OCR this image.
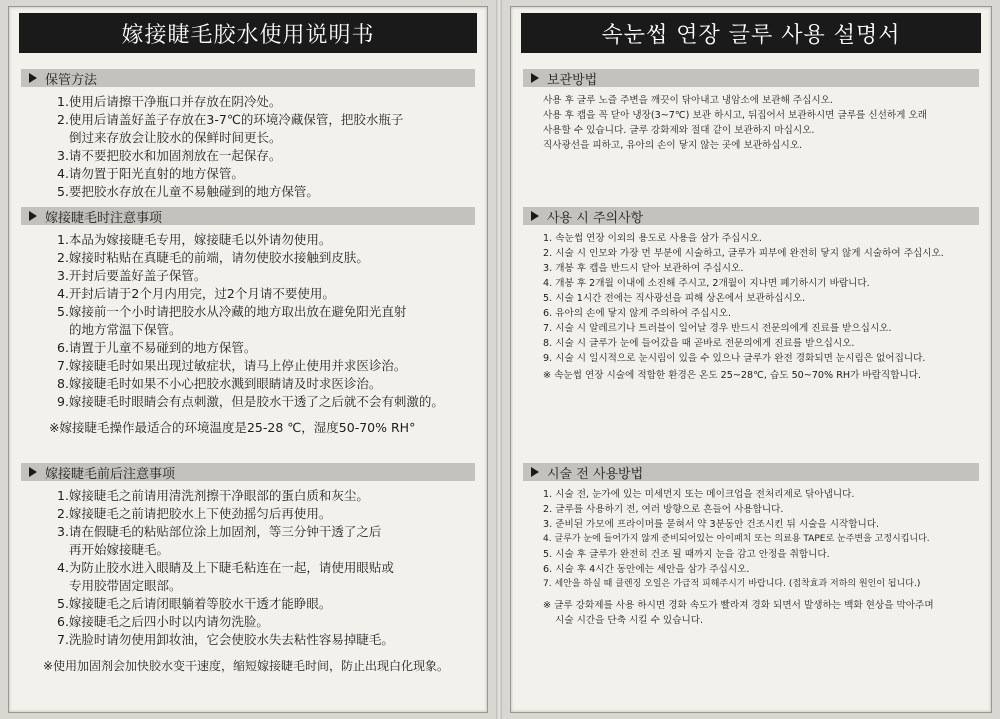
嫁接睫毛胶水使用说明书
保管方法
1.使用后请擦干净瓶口并存放在阴冷处。
2.使用后请盖好盖子存放在3-7℃的环境冷藏保管，把胶水瓶子
倒过来存放会让胶水的保鲜时间更长。
3.请不要把胶水和加固剂放在一起保存。
4.请勿置于阳光直射的地方保管。
5.要把胶水存放在儿童不易触碰到的地方保管。
嫁接睫毛时注意事项
1.本品为嫁接睫毛专用，嫁接睫毛以外请勿使用。
2.嫁接时粘贴在真睫毛的前端，请勿使胶水接触到皮肤。
3.开封后要盖好盖子保管。
4.开封后请于2个月内用完，过2个月请不要使用。
5.嫁接前一个小时请把胶水从冷藏的地方取出放在避免阳光直射
的地方常温下保管。
6.请置于儿童不易碰到的地方保管。
7.嫁接睫毛时如果出现过敏症状，请马上停止使用并求医诊治。
8.嫁接睫毛时如果不小心把胶水溅到眼睛请及时求医诊治。
9.嫁接睫毛时眼睛会有点刺激，但是胶水干透了之后就不会有刺激的。
※嫁接睫毛操作最适合的环境温度是25-28 ℃，湿度50-70% RH°
嫁接睫毛前后注意事项
1.嫁接睫毛之前请用清洗剂擦干净眼部的蛋白质和灰尘。
2.嫁接睫毛之前请把胶水上下使劲摇匀后再使用。
3.请在假睫毛的粘贴部位涂上加固剂，等三分钟干透了之后
再开始嫁接睫毛。
4.为防止胶水进入眼睛及上下睫毛粘连在一起，请使用眼贴或
专用胶带固定眼部。
5.嫁接睫毛之后请闭眼躺着等胶水干透才能睁眼。
6.嫁接睫毛之后四小时以内请勿洗脸。
7.洗脸时请勿使用卸妆油，它会使胶水失去粘性容易掉睫毛。
※使用加固剂会加快胶水变干速度，缩短嫁接睫毛时间，防止出现白化现象。
속눈썹 연장 글루 사용 설명서
보관방법
사용 후 글루 노즐 주변을 깨끗이 닦아내고 냉암소에 보관해 주십시오.
사용 후 캡을 꼭 닫아 냉장(3~7℃) 보관 하시고, 뒤집어서 보관하시면 글루를 신선하게 오래
사용할 수 있습니다. 글루 강화제와 절대 같이 보관하지 마십시오.
직사광선을 피하고, 유아의 손이 닿지 않는 곳에 보관하십시오.
사용 시 주의사항
1. 속눈썹 연장 이외의 용도로 사용을 삼가 주십시오.
2. 시술 시 인모와 가장 먼 부분에 시술하고, 글루가 피부에 완전히 닿지 않게 시술하여 주십시오.
3. 개봉 후 캡을 반드시 닫아 보관하여 주십시오.
4. 개봉 후 2개월 이내에 소진해 주시고, 2개월이 지나면 폐기하시기 바랍니다.
5. 시술 1시간 전에는 직사광선을 피해 상온에서 보관하십시오.
6. 유아의 손에 닿지 않게 주의하여 주십시오.
7. 시술 시 알레르기나 트러블이 일어날 경우 반드시 전문의에게 진료를 받으십시오.
8. 시술 시 글루가 눈에 들어갔을 때 곧바로 전문의에게 진료를 받으십시오.
9. 시술 시 일시적으로 눈시림이 있을 수 있으나 글루가 완전 경화되면 눈시림은 없어집니다.
※ 속눈썹 연장 시술에 적합한 환경은 온도 25~28℃, 습도 50~70% RH가 바람직합니다.
시술 전 사용방법
1. 시술 전, 눈가에 있는 미세먼지 또는 메이크업을 전처리제로 닦아냅니다.
2. 글루를 사용하기 전, 여러 방향으로 흔들어 사용합니다.
3. 준비된 가모에 프라이머를 묻혀서 약 3분동안 건조시킨 뒤 시술을 시작합니다.
4. 글루가 눈에 들어가지 않게 준비되어있는 아이패치 또는 의료용 TAPE로 눈주변을 고정시킵니다.
5. 시술 후 글루가 완전히 건조 될 때까지 눈을 감고 안정을 취합니다.
6. 시술 후 4시간 동안에는 세안을 삼가 주십시오.
7. 세안을 하실 때 클렌징 오일은 가급적 피해주시기 바랍니다. (접착효과 저하의 원인이 됩니다.)
※ 글루 강화제를 사용 하시면 경화 속도가 빨라져 경화 되면서 발생하는 백화 현상을 막아주며
시술 시간을 단축 시킬 수 있습니다.
